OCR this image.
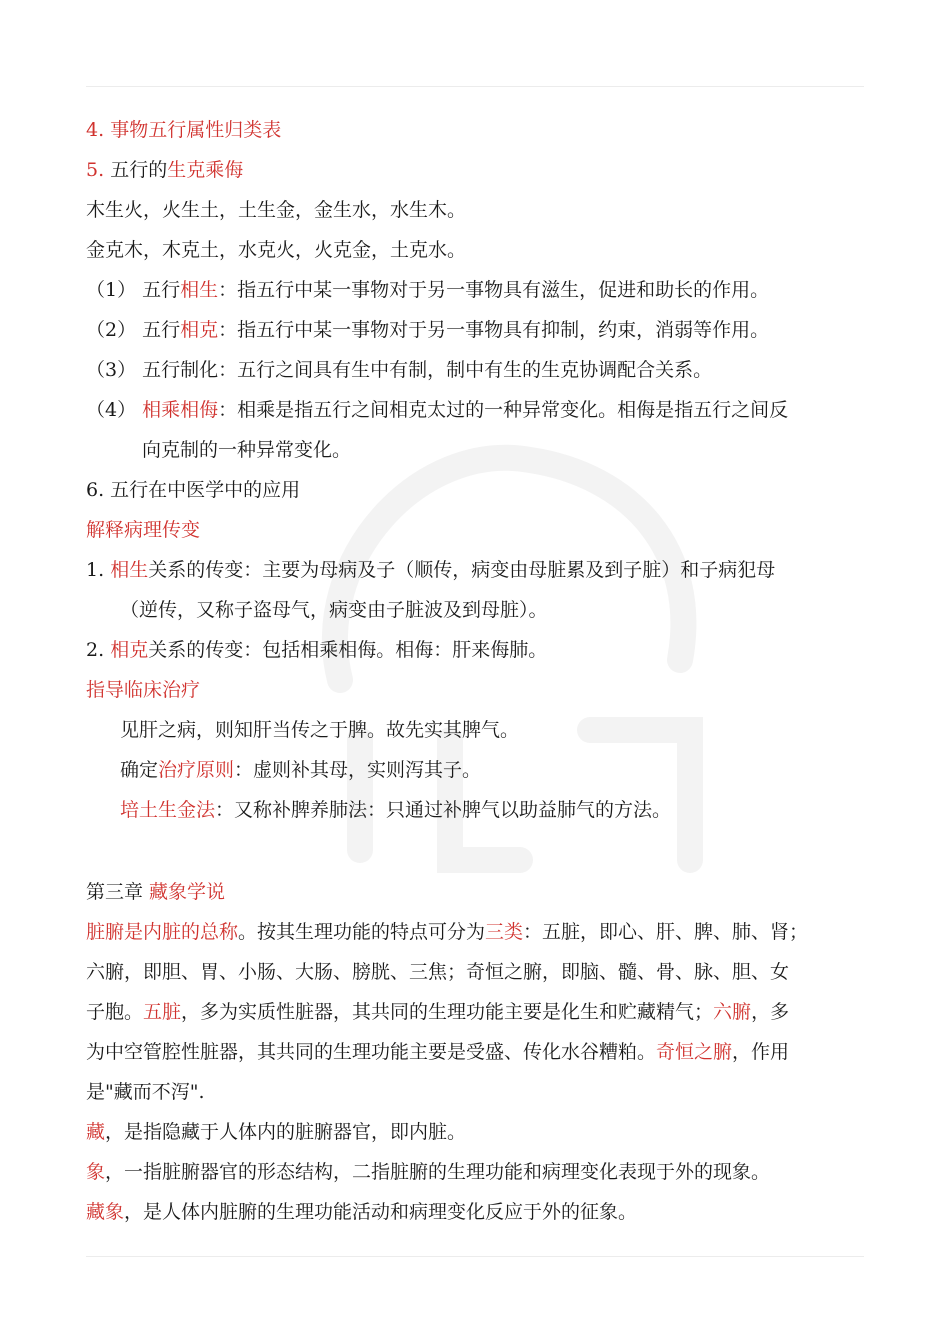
4. 事物五行属性归类表
5. 五行的生克乘侮
木生火，火生土，土生金，金生水，水生木。
金克木，木克土，水克火，火克金，土克水。
（1） 五行相生：指五行中某一事物对于另一事物具有滋生，促进和助长的作用。
（2） 五行相克：指五行中某一事物对于另一事物具有抑制，约束，消弱等作用。
（3） 五行制化：五行之间具有生中有制，制中有生的生克协调配合关系。
（4） 相乘相侮：相乘是指五行之间相克太过的一种异常变化。相侮是指五行之间反
向克制的一种异常变化。
6. 五行在中医学中的应用
解释病理传变
1. 相生关系的传变：主要为母病及子（顺传，病变由母脏累及到子脏）和子病犯母
（逆传，又称子盗母气，病变由子脏波及到母脏）。
2. 相克关系的传变：包括相乘相侮。相侮：肝来侮肺。
指导临床治疗
见肝之病，则知肝当传之于脾。故先实其脾气。
确定治疗原则：虚则补其母，实则泻其子。
培土生金法：又称补脾养肺法：只通过补脾气以助益肺气的方法。
第三章 藏象学说
脏腑是内脏的总称。按其生理功能的特点可分为三类：五脏，即心、肝、脾、肺、肾；
六腑，即胆、胃、小肠、大肠、膀胱、三焦；奇恒之腑，即脑、髓、骨、脉、胆、女
子胞。五脏，多为实质性脏器，其共同的生理功能主要是化生和贮藏精气；六腑，多
为中空管腔性脏器，其共同的生理功能主要是受盛、传化水谷糟粕。奇恒之腑，作用
是"藏而不泻".
藏，是指隐藏于人体内的脏腑器官，即内脏。
象，一指脏腑器官的形态结构，二指脏腑的生理功能和病理变化表现于外的现象。
藏象，是人体内脏腑的生理功能活动和病理变化反应于外的征象。
